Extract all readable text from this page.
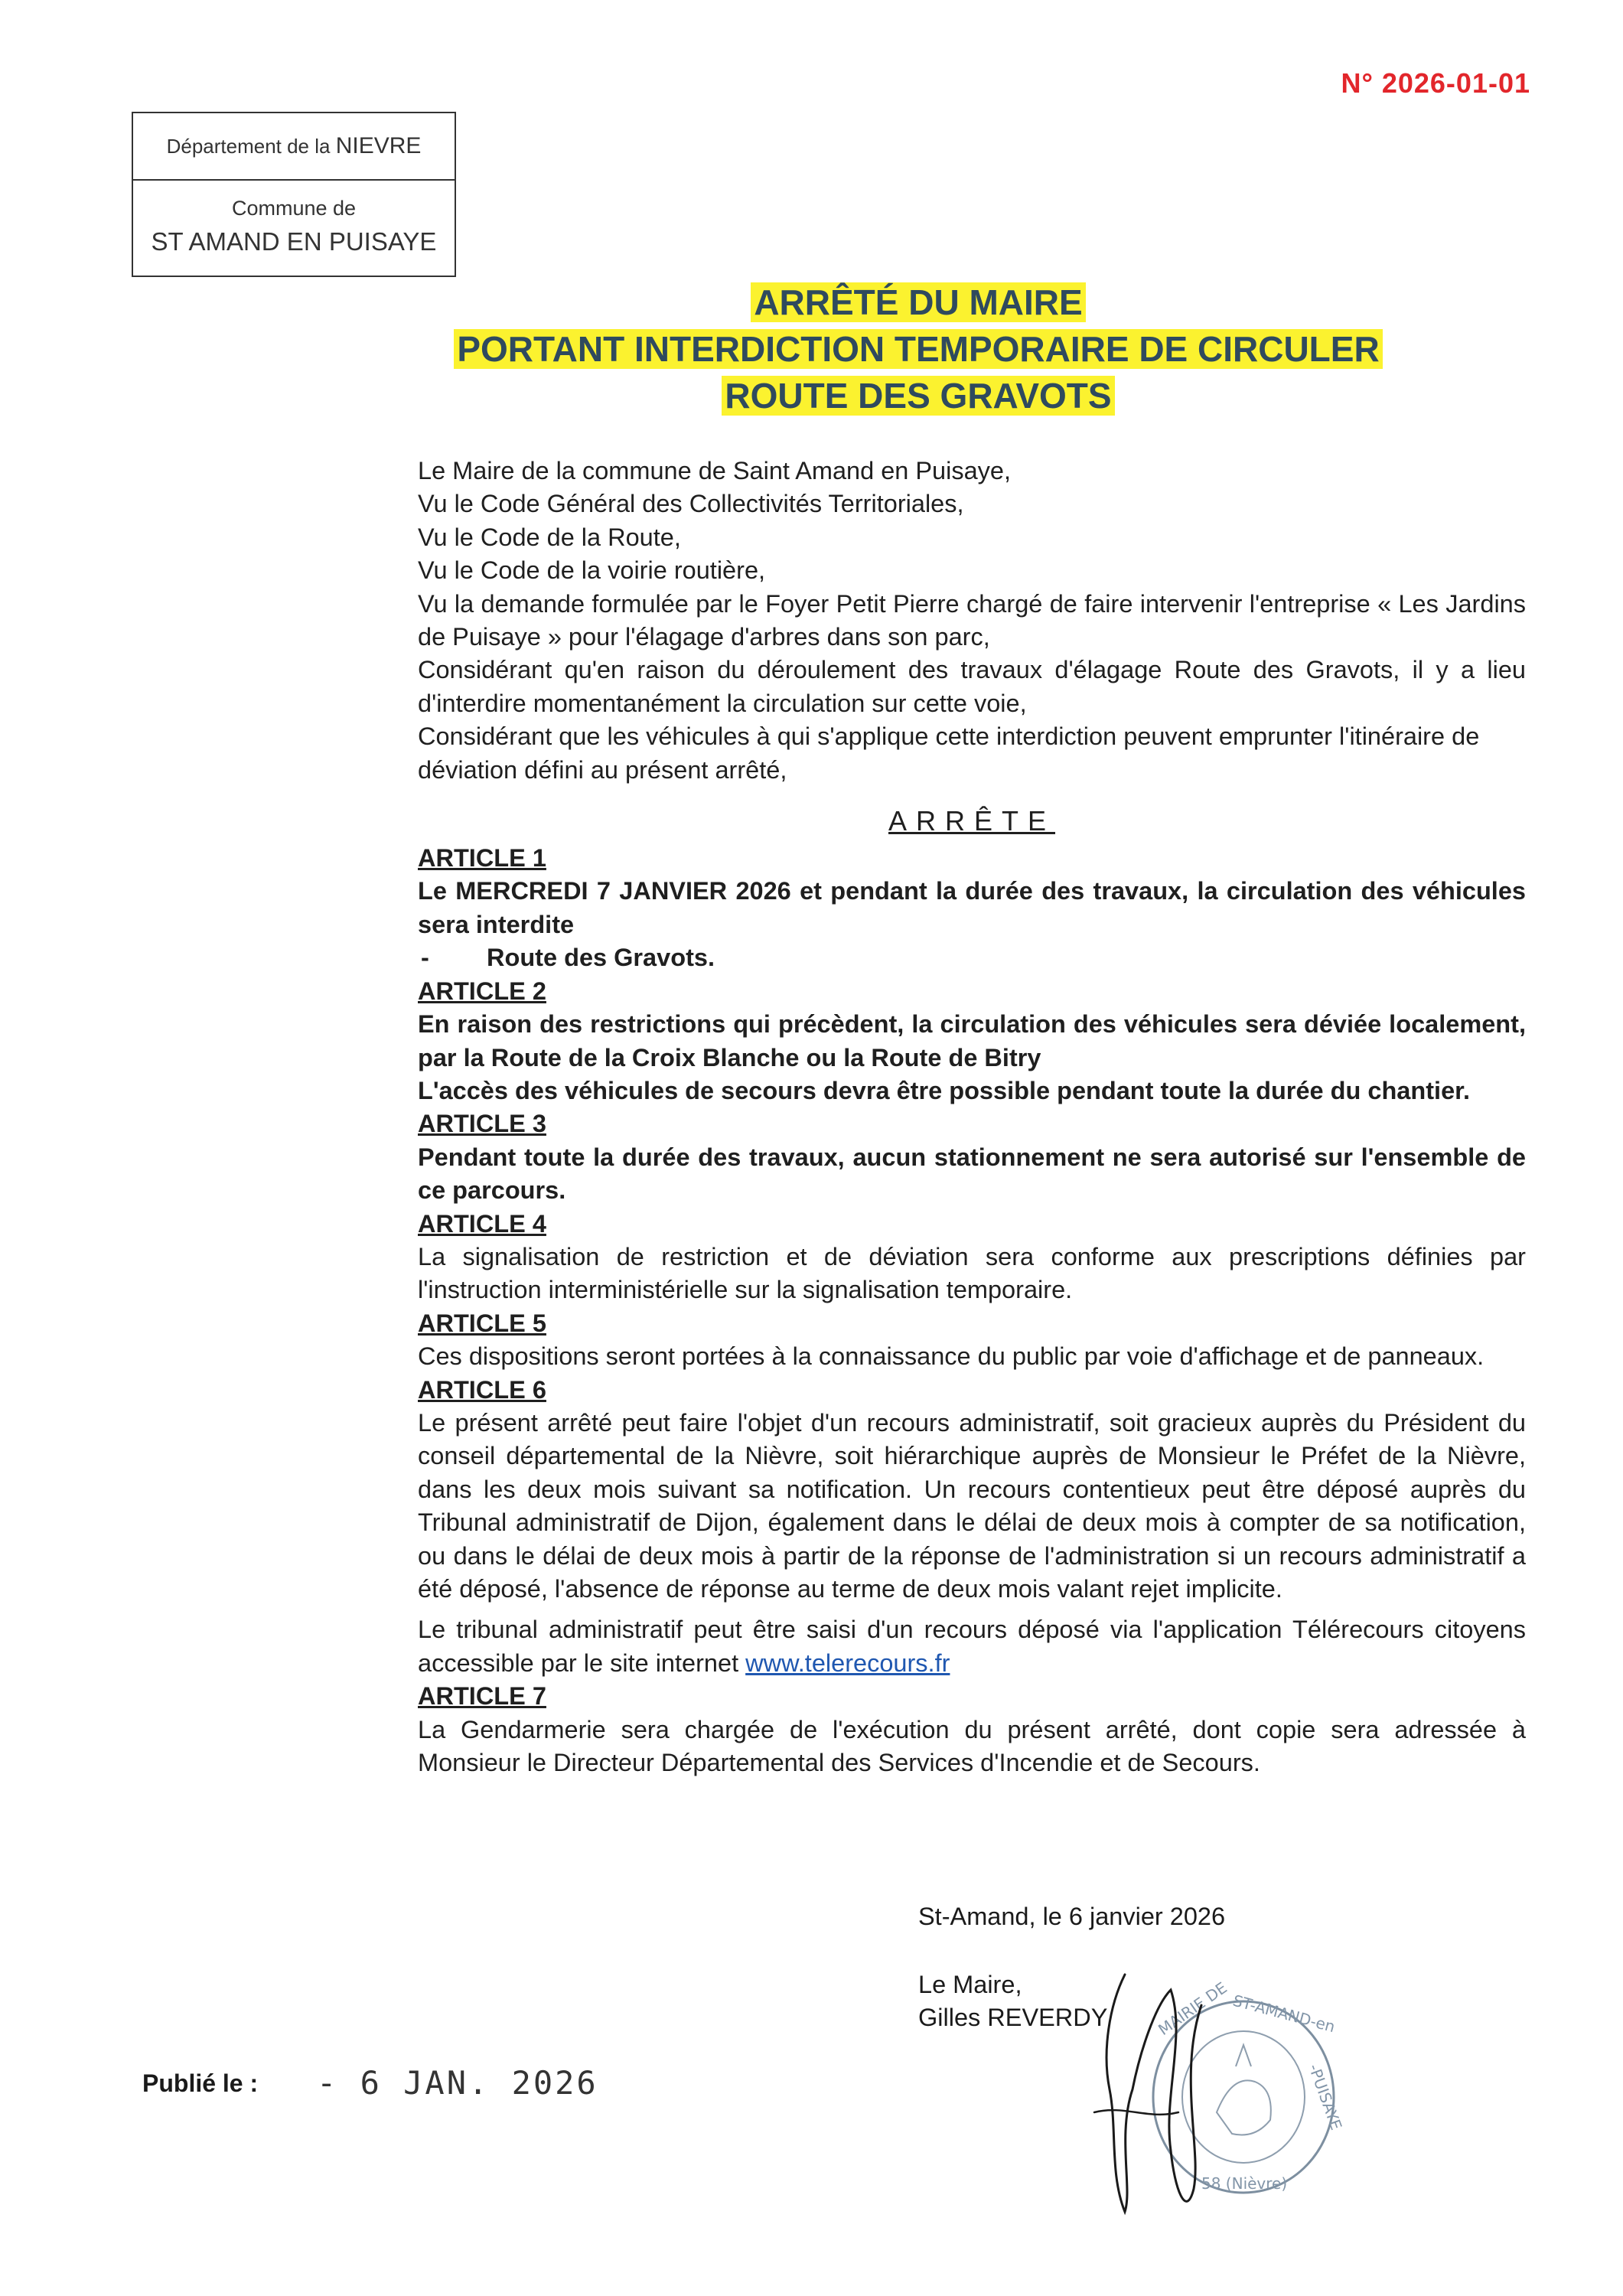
N° 2026-01-01
Département de la NIEVRE
Commune de
ST AMAND EN PUISAYE
ARRÊTÉ DU MAIRE
PORTANT INTERDICTION TEMPORAIRE DE CIRCULER
ROUTE DES GRAVOTS

Le Maire de la commune de Saint Amand en Puisaye,

Vu le Code Général des Collectivités Territoriales,

Vu le Code de la Route,

Vu le Code de la voirie routière,

Vu la demande formulée par le Foyer Petit Pierre chargé de faire intervenir l'entreprise « Les Jardins de Puisaye » pour l'élagage d'arbres dans son parc,

Considérant qu'en raison du déroulement des travaux d'élagage Route des Gravots, il y a lieu d'interdire momentanément la circulation sur cette voie,

Considérant que les véhicules à qui s'applique cette interdiction peuvent emprunter l'itinéraire de déviation défini au présent arrêté,

ARRÊTE

ARTICLE 1

Le MERCREDI 7 JANVIER 2026 et pendant la durée des travaux, la circulation des véhicules sera interdite

-	Route des Gravots.

ARTICLE 2

En raison des restrictions qui précèdent, la circulation des véhicules sera déviée localement, par la Route de la Croix Blanche ou la Route de Bitry

L'accès des véhicules de secours devra être possible pendant toute la durée du chantier.

ARTICLE 3

Pendant toute la durée des travaux, aucun stationnement ne sera autorisé sur l'ensemble de ce parcours.

ARTICLE 4

La signalisation de restriction et de déviation sera conforme aux prescriptions définies par l'instruction interministérielle sur la signalisation temporaire.

ARTICLE 5

Ces dispositions seront portées à la connaissance du public par voie d'affichage et de panneaux.

ARTICLE 6

Le présent arrêté peut faire l'objet d'un recours administratif, soit gracieux auprès du Président du conseil départemental de la Nièvre, soit hiérarchique auprès de Monsieur le Préfet de la Nièvre, dans les deux mois suivant sa notification. Un recours contentieux peut être déposé auprès du Tribunal administratif de Dijon, également dans le délai de deux mois à compter de sa notification, ou dans le délai de deux mois à partir de la réponse de l'administration si un recours administratif a été déposé, l'absence de réponse au terme de deux mois valant rejet implicite.

Le tribunal administratif peut être saisi d'un recours déposé via l'application Télérecours citoyens accessible par le site internet www.telerecours.fr

ARTICLE 7

La Gendarmerie sera chargée de l'exécution du présent arrêté, dont copie sera adressée à Monsieur le Directeur Départemental des Services d'Incendie et de Secours.

St-Amand, le 6 janvier 2026
Le Maire,
Gilles REVERDY	MAIRIE DE ST-AMAND-en
-PUISAYE
58 (Nièvre)
Publié le : - 6 JAN. 2026
